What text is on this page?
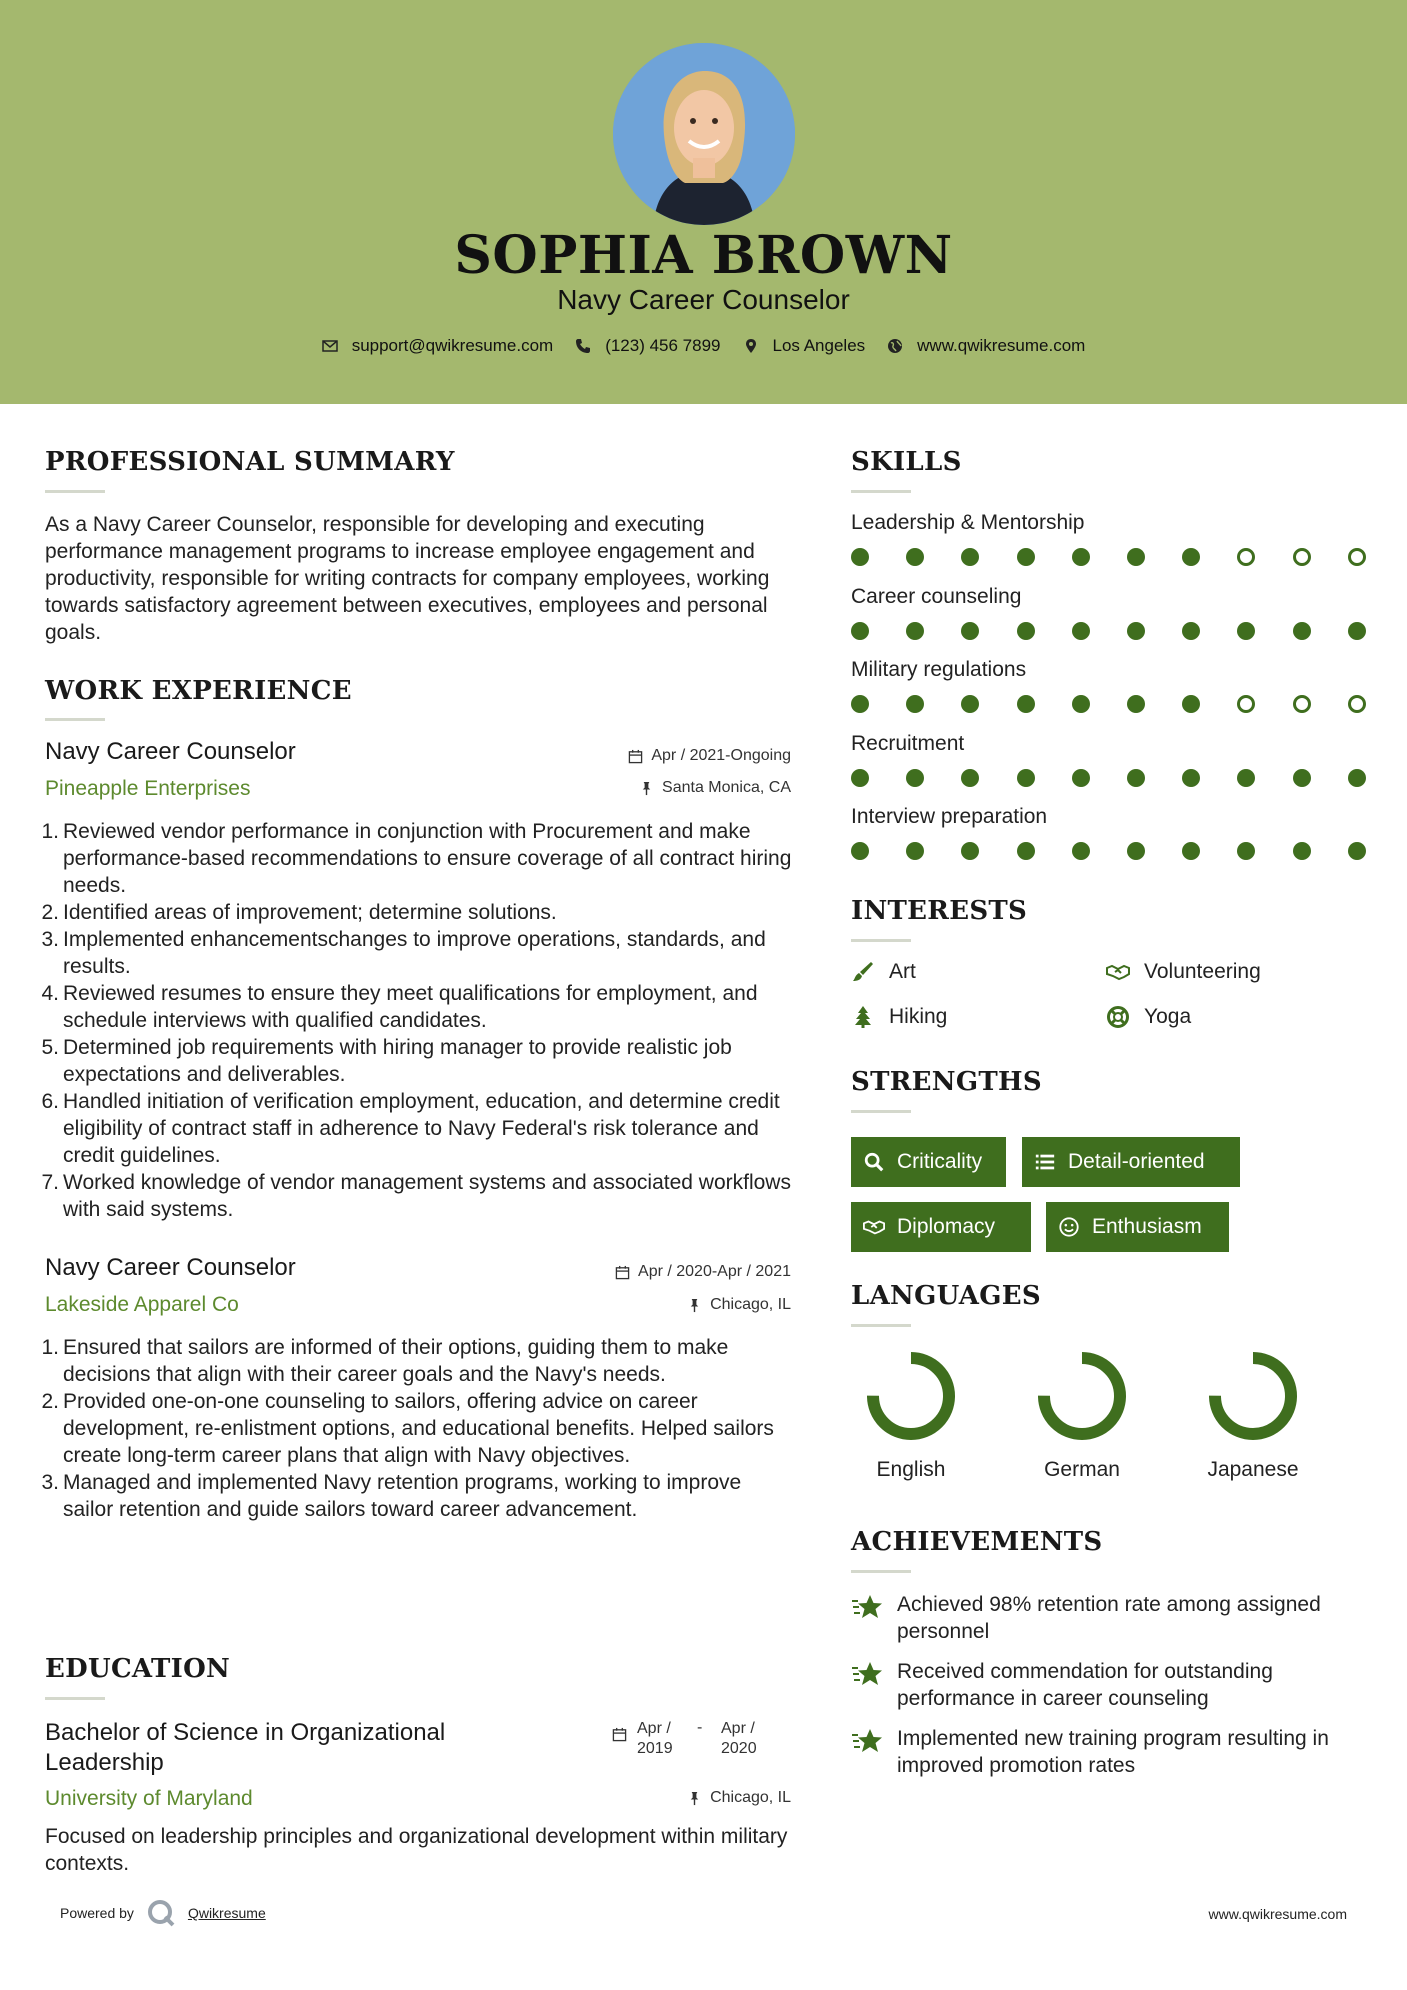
SOPHIA BROWN
Navy Career Counselor
support@qwikresume.com	(123) 456 7899	Los Angeles	www.qwikresume.com
PROFESSIONAL SUMMARY
As a Navy Career Counselor, responsible for developing and executing performance management programs to increase employee engagement and productivity, responsible for writing contracts for company employees, working towards satisfactory agreement between executives, employees and personal goals.
WORK EXPERIENCE
Navy Career Counselor
Pineapple Enterprises
Apr / 2021-Ongoing
Santa Monica, CA
1. Reviewed vendor performance in conjunction with Procurement and make performance-based recommendations to ensure coverage of all contract hiring needs.
2. Identified areas of improvement; determine solutions.
3. Implemented enhancementschanges to improve operations, standards, and results.
4. Reviewed resumes to ensure they meet qualifications for employment, and schedule interviews with qualified candidates.
5. Determined job requirements with hiring manager to provide realistic job expectations and deliverables.
6. Handled initiation of verification employment, education, and determine credit eligibility of contract staff in adherence to Navy Federal's risk tolerance and credit guidelines.
7. Worked knowledge of vendor management systems and associated workflows with said systems.
Navy Career Counselor
Lakeside Apparel Co
Apr / 2020-Apr / 2021
Chicago, IL
1. Ensured that sailors are informed of their options, guiding them to make decisions that align with their career goals and the Navy's needs.
2. Provided one-on-one counseling to sailors, offering advice on career development, re-enlistment options, and educational benefits. Helped sailors create long-term career plans that align with Navy objectives.
3. Managed and implemented Navy retention programs, working to improve sailor retention and guide sailors toward career advancement.
EDUCATION
Bachelor of Science in Organizational Leadership
University of Maryland
Apr / 2019
-	Apr / 2020
Chicago, IL
Focused on leadership principles and organizational development within military contexts.
SKILLS
Leadership & Mentorship
Career counseling
Military regulations
Recruitment
Interview preparation
INTERESTS
Art	Volunteering
Hiking	Yoga
STRENGTHS
Criticality	Detail-oriented
Diplomacy	Enthusiasm
LANGUAGES
English	German	Japanese
ACHIEVEMENTS
Achieved 98% retention rate among assigned personnel
Received commendation for outstanding performance in career counseling
Implemented new training program resulting in improved promotion rates
Powered by	Qwikresume	www.qwikresume.com
